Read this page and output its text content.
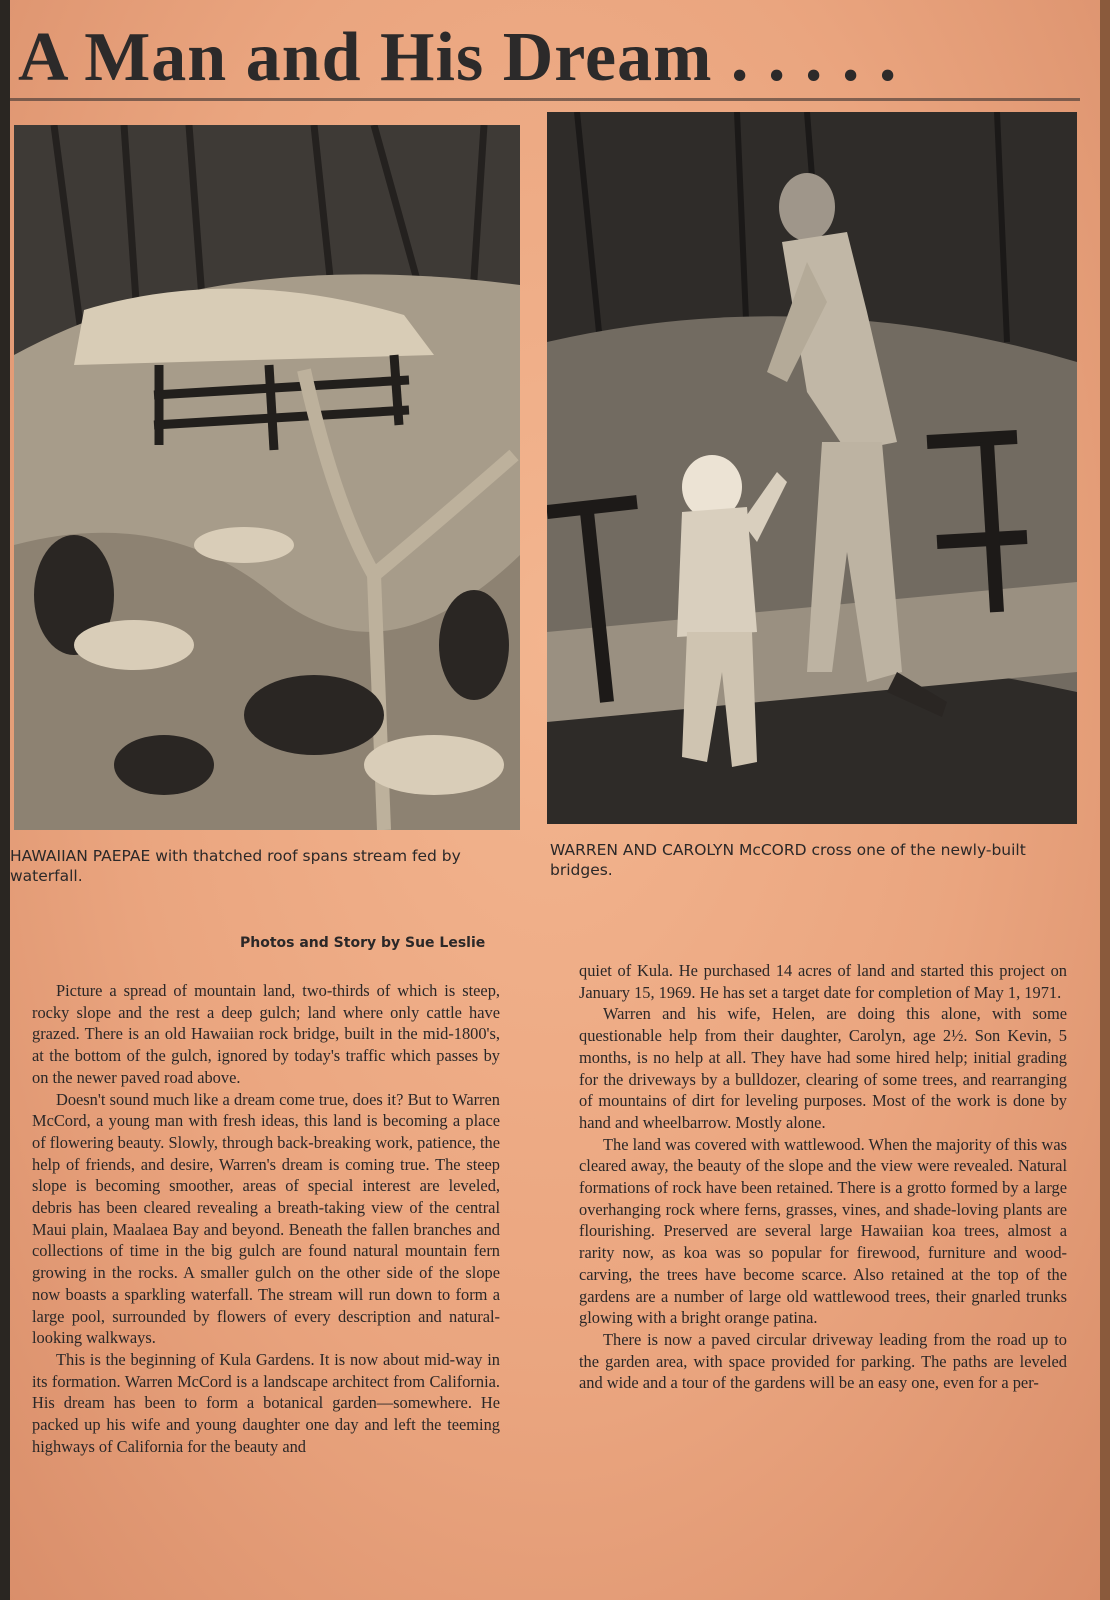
A Man and His Dream . . . . .

HAWAIIAN PAEPAE with thatched roof spans stream fed by waterfall.

WARREN AND CAROLYN McCORD cross one of the newly-built bridges.

Photos and Story by Sue Leslie

Picture a spread of mountain land, two-thirds of which is steep, rocky slope and the rest a deep gulch; land where only cattle have grazed. There is an old Hawaiian rock bridge, built in the mid-1800's, at the bottom of the gulch, ignored by today's traffic which passes by on the newer paved road above.

Doesn't sound much like a dream come true, does it? But to Warren McCord, a young man with fresh ideas, this land is becoming a place of flowering beauty. Slowly, through back-breaking work, patience, the help of friends, and desire, Warren's dream is coming true. The steep slope is becoming smoother, areas of special interest are leveled, debris has been cleared revealing a breath-taking view of the central Maui plain, Maalaea Bay and beyond. Beneath the fallen branches and collections of time in the big gulch are found natural mountain fern growing in the rocks. A smaller gulch on the other side of the slope now boasts a sparkling waterfall. The stream will run down to form a large pool, surrounded by flowers of every description and natural-looking walkways.

This is the beginning of Kula Gardens. It is now about mid-way in its formation. Warren McCord is a landscape architect from California. His dream has been to form a botanical garden—somewhere. He packed up his wife and young daughter one day and left the teeming highways of California for the beauty and

quiet of Kula. He purchased 14 acres of land and started this project on January 15, 1969. He has set a target date for completion of May 1, 1971.

Warren and his wife, Helen, are doing this alone, with some questionable help from their daughter, Carolyn, age 2½. Son Kevin, 5 months, is no help at all. They have had some hired help; initial grading for the driveways by a bulldozer, clearing of some trees, and rearranging of mountains of dirt for leveling purposes. Most of the work is done by hand and wheelbarrow. Mostly alone.

The land was covered with wattlewood. When the majority of this was cleared away, the beauty of the slope and the view were revealed. Natural formations of rock have been retained. There is a grotto formed by a large overhanging rock where ferns, grasses, vines, and shade-loving plants are flourishing. Preserved are several large Hawaiian koa trees, almost a rarity now, as koa was so popular for firewood, furniture and wood-carving, the trees have become scarce. Also retained at the top of the gardens are a number of large old wattlewood trees, their gnarled trunks glowing with a bright orange patina.

There is now a paved circular driveway leading from the road up to the garden area, with space provided for parking. The paths are leveled and wide and a tour of the gardens will be an easy one, even for a per-
